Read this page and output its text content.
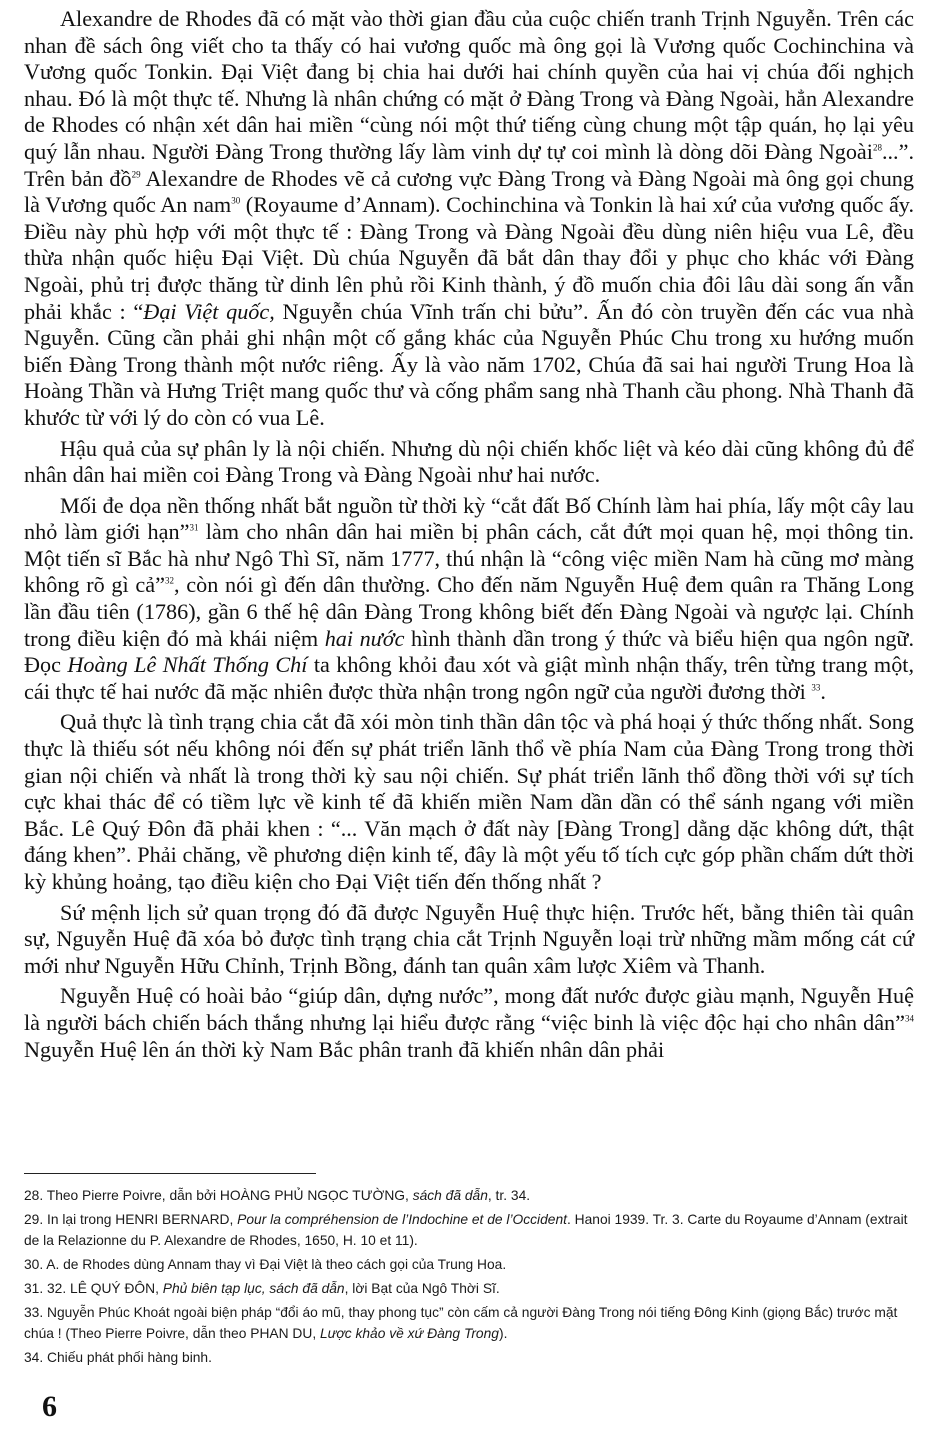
Alexandre de Rhodes đã có mặt vào thời gian đầu của cuộc chiến tranh Trịnh Nguyễn. Trên các nhan đề sách ông viết cho ta thấy có hai vương quốc mà ông gọi là Vương quốc Cochinchina và Vương quốc Tonkin. Đại Việt đang bị chia hai dưới hai chính quyền của hai vị chúa đối nghịch nhau. Đó là một thực tế. Nhưng là nhân chứng có mặt ở Đàng Trong và Đàng Ngoài, hẳn Alexandre de Rhodes có nhận xét dân hai miền “cùng nói một thứ tiếng cùng chung một tập quán, họ lại yêu quý lẫn nhau. Người Đàng Trong thường lấy làm vinh dự tự coi mình là dòng dõi Đàng Ngoài$^{28}$...”. Trên bản đồ$^{29}$ Alexandre de Rhodes vẽ cả cương vực Đàng Trong và Đàng Ngoài mà ông gọi chung là Vương quốc An nam$^{30}$ (Royaume d’Annam). Cochinchina và Tonkin là hai xứ của vương quốc ấy. Điều này phù hợp với một thực tế : Đàng Trong và Đàng Ngoài đều dùng niên hiệu vua Lê, đều thừa nhận quốc hiệu Đại Việt. Dù chúa Nguyễn đã bắt dân thay đổi y phục cho khác với Đàng Ngoài, phủ trị được thăng từ dinh lên phủ rồi Kinh thành, ý đồ muốn chia đôi lâu dài song ấn vẫn phải khắc : “Đại Việt quốc, Nguyễn chúa Vĩnh trấn chi bửu”. Ấn đó còn truyền đến các vua nhà Nguyễn. Cũng cần phải ghi nhận một cố gắng khác của Nguyễn Phúc Chu trong xu hướng muốn biến Đàng Trong thành một nước riêng. Ấy là vào năm 1702, Chúa đã sai hai người Trung Hoa là Hoàng Thần và Hưng Triệt mang quốc thư và cống phẩm sang nhà Thanh cầu phong. Nhà Thanh đã khước từ với lý do còn có vua Lê.

Hậu quả của sự phân ly là nội chiến. Nhưng dù nội chiến khốc liệt và kéo dài cũng không đủ để nhân dân hai miền coi Đàng Trong và Đàng Ngoài như hai nước.

Mối đe dọa nền thống nhất bắt nguồn từ thời kỳ “cắt đất Bố Chính làm hai phía, lấy một cây lau nhỏ làm giới hạn”$^{31}$ làm cho nhân dân hai miền bị phân cách, cắt đứt mọi quan hệ, mọi thông tin. Một tiến sĩ Bắc hà như Ngô Thì Sĩ, năm 1777, thú nhận là “công việc miền Nam hà cũng mơ màng không rõ gì cả”$^{32}$, còn nói gì đến dân thường. Cho đến năm Nguyễn Huệ đem quân ra Thăng Long lần đầu tiên (1786), gần 6 thế hệ dân Đàng Trong không biết đến Đàng Ngoài và ngược lại. Chính trong điều kiện đó mà khái niệm hai nước hình thành dần trong ý thức và biểu hiện qua ngôn ngữ. Đọc Hoàng Lê Nhất Thống Chí ta không khỏi đau xót và giật mình nhận thấy, trên từng trang một, cái thực tế hai nước đã mặc nhiên được thừa nhận trong ngôn ngữ của người đương thời $^{33}$.

Quả thực là tình trạng chia cắt đã xói mòn tinh thần dân tộc và phá hoại ý thức thống nhất. Song thực là thiếu sót nếu không nói đến sự phát triển lãnh thổ về phía Nam của Đàng Trong trong thời gian nội chiến và nhất là trong thời kỳ sau nội chiến. Sự phát triển lãnh thổ đồng thời với sự tích cực khai thác để có tiềm lực về kinh tế đã khiến miền Nam dần dần có thể sánh ngang với miền Bắc. Lê Quý Đôn đã phải khen : “... Văn mạch ở đất này [Đàng Trong] dằng dặc không dứt, thật đáng khen”. Phải chăng, về phương diện kinh tế, đây là một yếu tố tích cực góp phần chấm dứt thời kỳ khủng hoảng, tạo điều kiện cho Đại Việt tiến đến thống nhất ?

Sứ mệnh lịch sử quan trọng đó đã được Nguyễn Huệ thực hiện. Trước hết, bằng thiên tài quân sự, Nguyễn Huệ đã xóa bỏ được tình trạng chia cắt Trịnh Nguyễn loại trừ những mầm mống cát cứ mới như Nguyễn Hữu Chỉnh, Trịnh Bồng, đánh tan quân xâm lược Xiêm và Thanh.

Nguyễn Huệ có hoài bảo “giúp dân, dựng nước”, mong đất nước được giàu mạnh, Nguyễn Huệ là người bách chiến bách thắng nhưng lại hiểu được rằng “việc binh là việc độc hại cho nhân dân”$^{34}$ Nguyễn Huệ lên án thời kỳ Nam Bắc phân tranh đã khiến nhân dân phải

28. Theo Pierre Poivre, dẫn bởi HOÀNG PHỦ NGỌC TƯỜNG, sách đã dẫn, tr. 34.
29. In lại trong HENRI BERNARD, Pour la compréhension de l’Indochine et de l’Occident. Hanoi 1939. Tr. 3. Carte du Royaume d’Annam (extrait de la Relazionne du P. Alexandre de Rhodes, 1650, H. 10 et 11).
30. A. de Rhodes dùng Annam thay vì Đại Việt là theo cách gọi của Trung Hoa.
31. 32. LÊ QUÝ ĐÔN, Phủ biên tạp lục, sách đã dẫn, lời Bạt của Ngô Thời Sĩ.
33. Nguyễn Phúc Khoát ngoài biện pháp “đổi áo mũ, thay phong tục” còn cấm cả người Đàng Trong nói tiếng Đông Kinh (giọng Bắc) trước mặt chúa ! (Theo Pierre Poivre, dẫn theo PHAN DU, Lược khảo về xứ Đàng Trong).
34. Chiếu phát phối hàng binh.
6
